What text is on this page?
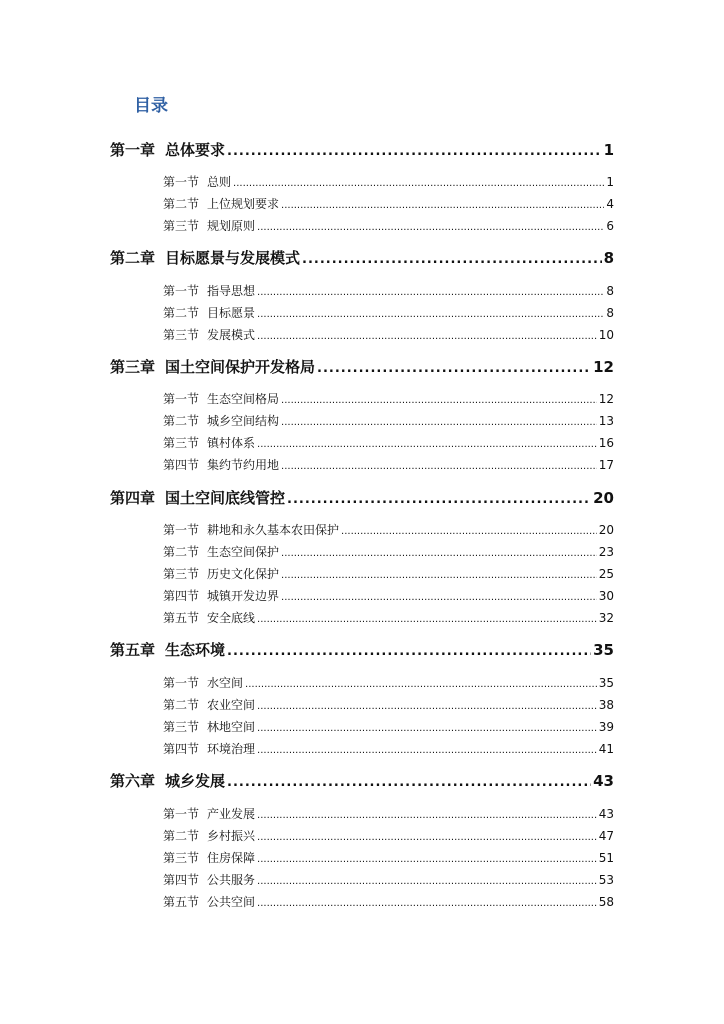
目录
第一章 总体要求 .....	1
第一节 总则 .....	1
第二节 上位规划要求 .....	4
第三节 规划原则 .....	6
第二章 目标愿景与发展模式 .....	8
第一节 指导思想 .....	8
第二节 目标愿景 .....	8
第三节 发展模式 .....	10
第三章 国土空间保护开发格局 .....	12
第一节 生态空间格局 .....	12
第二节 城乡空间结构 .....	13
第三节 镇村体系 .....	16
第四节 集约节约用地 .....	17
第四章 国土空间底线管控 .....	20
第一节 耕地和永久基本农田保护 .....	20
第二节 生态空间保护 .....	23
第三节 历史文化保护 .....	25
第四节 城镇开发边界 .....	30
第五节 安全底线 .....	32
第五章 生态环境 .....	35
第一节 水空间 .....	35
第二节 农业空间 .....	38
第三节 林地空间 .....	39
第四节 环境治理 .....	41
第六章 城乡发展 .....	43
第一节 产业发展 .....	43
第二节 乡村振兴 .....	47
第三节 住房保障 .....	51
第四节 公共服务 .....	53
第五节 公共空间 .....	58
